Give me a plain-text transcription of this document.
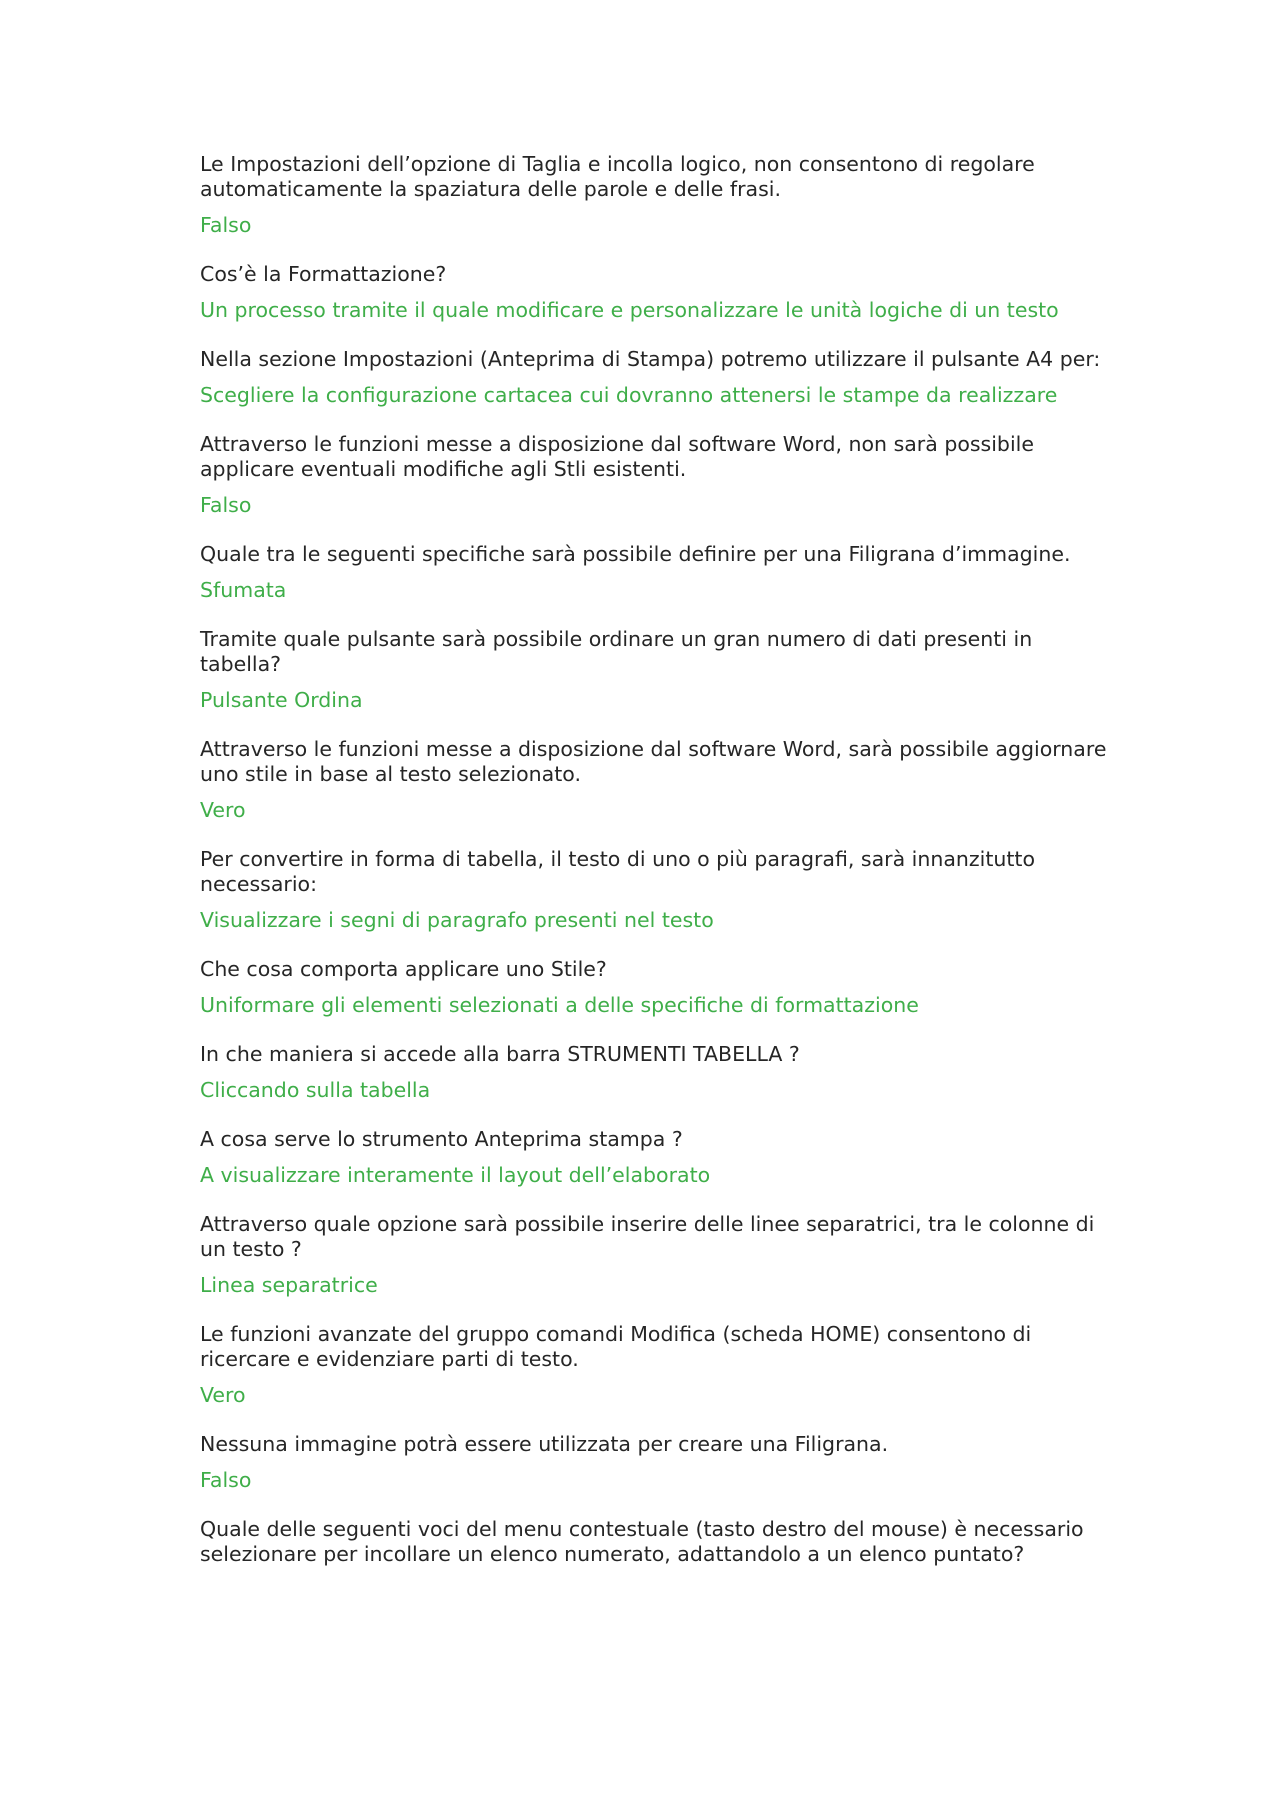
Le Impostazioni dell’opzione di Taglia e incolla logico, non consentono di regolare
automaticamente la spaziatura delle parole e delle frasi.

Falso

Cos’è la Formattazione?

Un processo tramite il quale modificare e personalizzare le unità logiche di un testo

Nella sezione Impostazioni (Anteprima di Stampa) potremo utilizzare il pulsante A4 per:

Scegliere la configurazione cartacea cui dovranno attenersi le stampe da realizzare

Attraverso le funzioni messe a disposizione dal software Word, non sarà possibile
applicare eventuali modifiche agli Stli esistenti.

Falso

Quale tra le seguenti specifiche sarà possibile definire per una Filigrana d’immagine.

Sfumata

Tramite quale pulsante sarà possibile ordinare un gran numero di dati presenti in
tabella?

Pulsante Ordina

Attraverso le funzioni messe a disposizione dal software Word, sarà possibile aggiornare
uno stile in base al testo selezionato.

Vero

Per convertire in forma di tabella, il testo di uno o più paragrafi, sarà innanzitutto
necessario:

Visualizzare i segni di paragrafo presenti nel testo

Che cosa comporta applicare uno Stile?

Uniformare gli elementi selezionati a delle specifiche di formattazione

In che maniera si accede alla barra STRUMENTI TABELLA ?

Cliccando sulla tabella

A cosa serve lo strumento Anteprima stampa ?

A visualizzare interamente il layout dell’elaborato

Attraverso quale opzione sarà possibile inserire delle linee separatrici, tra le colonne di
un testo ?

Linea separatrice

Le funzioni avanzate del gruppo comandi Modifica (scheda HOME) consentono di
ricercare e evidenziare parti di testo.

Vero

Nessuna immagine potrà essere utilizzata per creare una Filigrana.

Falso

Quale delle seguenti voci del menu contestuale (tasto destro del mouse) è necessario
selezionare per incollare un elenco numerato, adattandolo a un elenco puntato?
